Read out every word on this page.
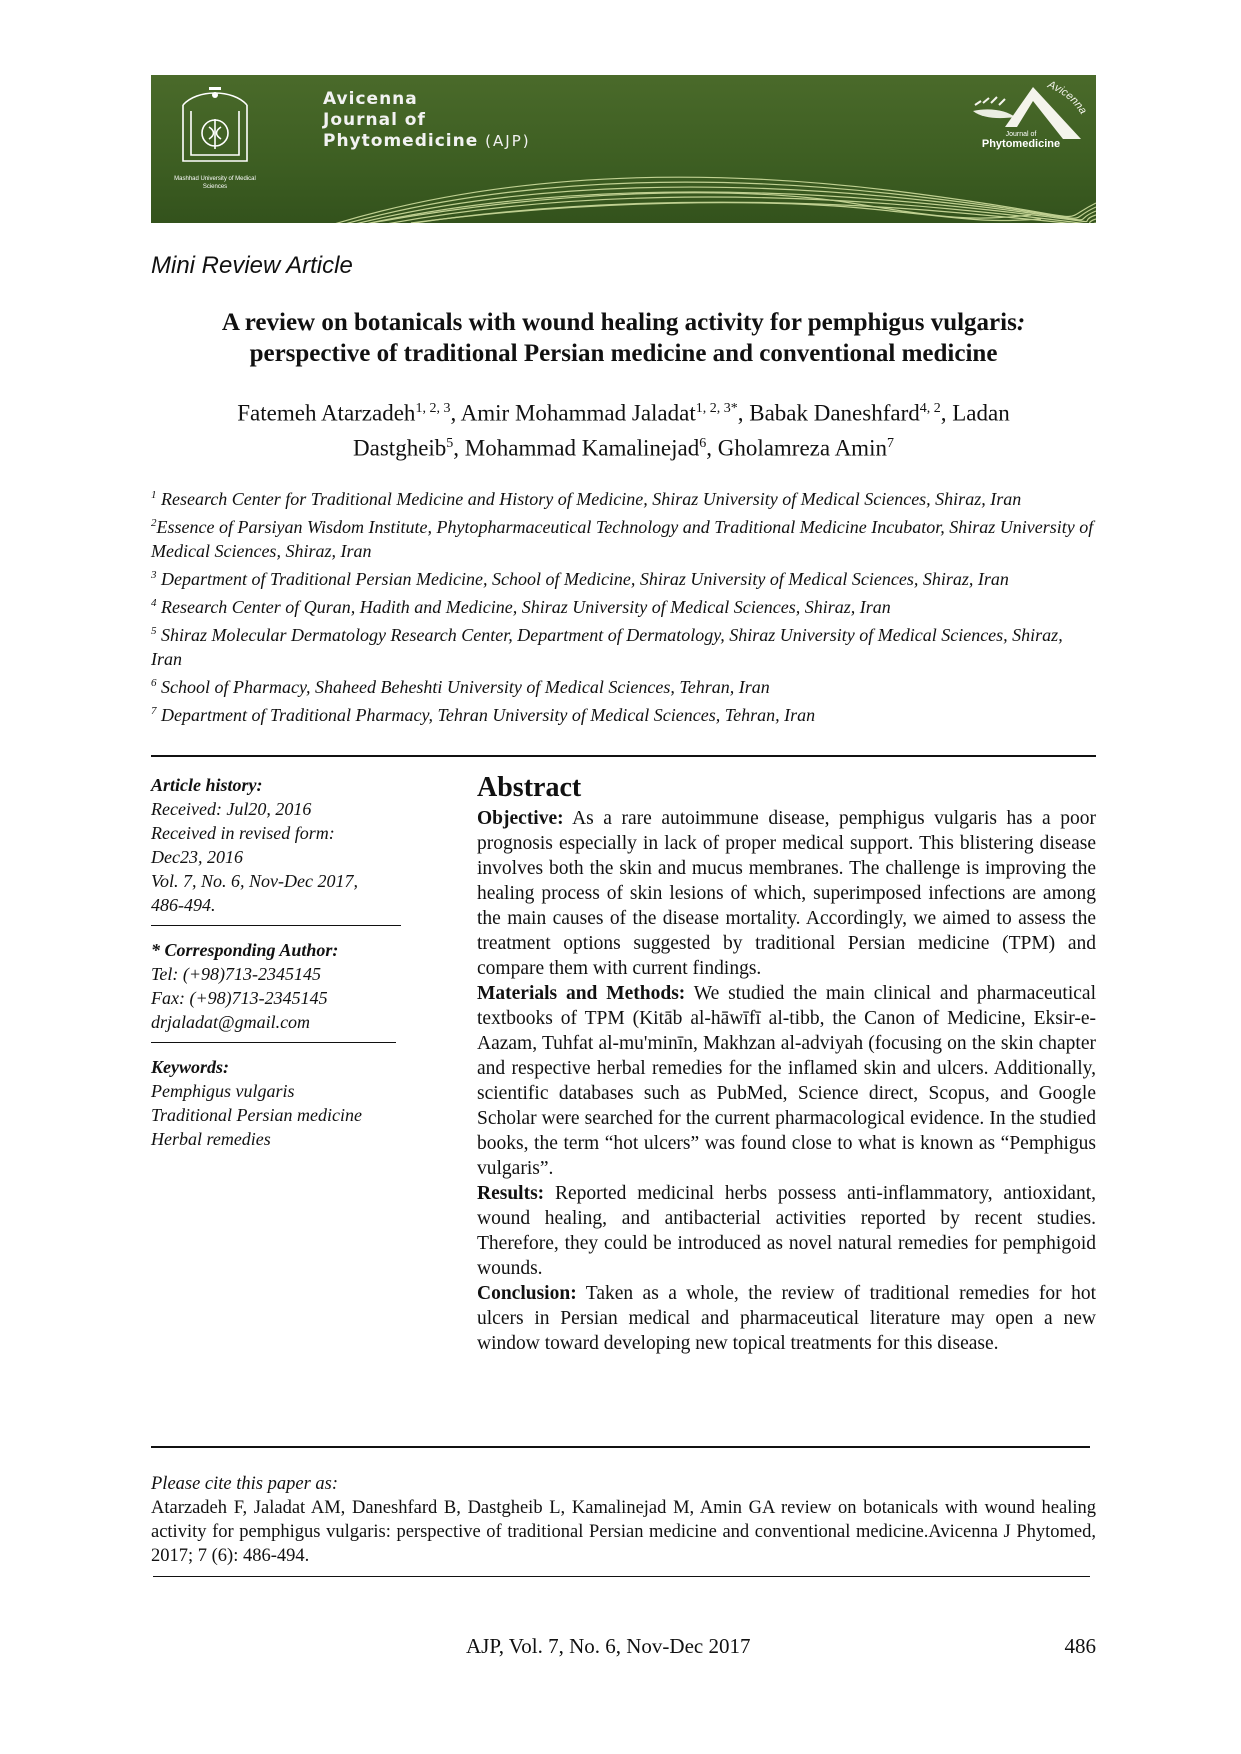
Mashhad University of Medical Sciences
Avicenna
Journal of
Phytomedicine (AJP)
Avicenna
Journal of
Phytomedicine
Mini Review Article
A review on botanicals with wound healing activity for pemphigus vulgaris:
perspective of traditional Persian medicine and conventional medicine
Fatemeh Atarzadeh$^{1, 2, 3}$, Amir Mohammad Jaladat$^{1, 2, 3*}$, Babak Daneshfard$^{4, 2}$, Ladan
Dastgheib$^5$, Mohammad Kamalinejad$^6$, Gholamreza Amin$^7$

$^1$ Research Center for Traditional Medicine and History of Medicine, Shiraz University of Medical Sciences, Shiraz, Iran

$^2$Essence of Parsiyan Wisdom Institute, Phytopharmaceutical Technology and Traditional Medicine Incubator, Shiraz University of Medical Sciences, Shiraz, Iran

$^3$ Department of Traditional Persian Medicine, School of Medicine, Shiraz University of Medical Sciences, Shiraz, Iran

$^4$ Research Center of Quran, Hadith and Medicine, Shiraz University of Medical Sciences, Shiraz, Iran

$^5$ Shiraz Molecular Dermatology Research Center, Department of Dermatology, Shiraz University of Medical Sciences, Shiraz, Iran

$^6$ School of Pharmacy, Shaheed Beheshti University of Medical Sciences, Tehran, Iran

$^7$ Department of Traditional Pharmacy, Tehran University of Medical Sciences, Tehran, Iran

Article history:
Received: Jul20, 2016
Received in revised form:
Dec23, 2016
Vol. 7, No. 6, Nov-Dec 2017,
486-494.
* Corresponding Author:
Tel: (+98)713-2345145
Fax: (+98)713-2345145
drjaladat@gmail.com
Keywords:
Pemphigus vulgaris
Traditional Persian medicine
Herbal remedies
Abstract

Objective: As a rare autoimmune disease, pemphigus vulgaris has a poor prognosis especially in lack of proper medical support. This blistering disease involves both the skin and mucus membranes. The challenge is improving the healing process of skin lesions of which, superimposed infections are among the main causes of the disease mortality. Accordingly, we aimed to assess the treatment options suggested by traditional Persian medicine (TPM) and compare them with current findings.

Materials and Methods: We studied the main clinical and pharmaceutical textbooks of TPM (Kitāb al-hāwīfī al-tibb, the Canon of Medicine, Eksir-e-Aazam, Tuhfat al-mu'minīn, Makhzan al-adviyah (focusing on the skin chapter and respective herbal remedies for the inflamed skin and ulcers. Additionally, scientific databases such as PubMed, Science direct, Scopus, and Google Scholar were searched for the current pharmacological evidence. In the studied books, the term “hot ulcers” was found close to what is known as “Pemphigus vulgaris”.

Results: Reported medicinal herbs possess anti-inflammatory, antioxidant, wound healing, and antibacterial activities reported by recent studies. Therefore, they could be introduced as novel natural remedies for pemphigoid wounds.

Conclusion: Taken as a whole, the review of traditional remedies for hot ulcers in Persian medical and pharmaceutical literature may open a new window toward developing new topical treatments for this disease.

Please cite this paper as:
Atarzadeh F, Jaladat AM, Daneshfard B, Dastgheib L, Kamalinejad M, Amin GA review on botanicals with wound healing activity for pemphigus vulgaris: perspective of traditional Persian medicine and conventional medicine.Avicenna J Phytomed, 2017; 7 (6): 486-494.
AJP, Vol. 7, No. 6, Nov-Dec 2017	486
